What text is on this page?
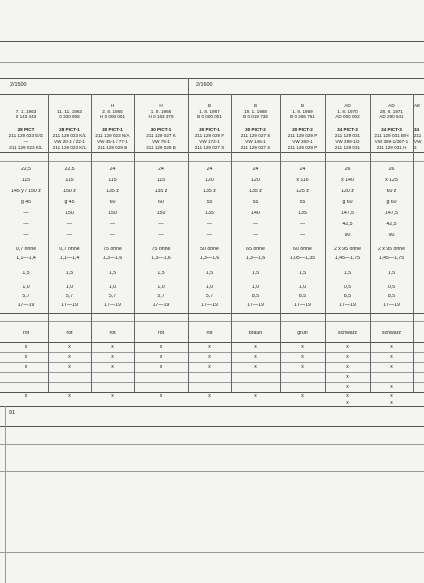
2/1500	2/1600
7. 1. 1963
0 143 443
28 PICT
211 129 023 E/G
—
211 129 023 K/L
22,5
115
145 y / 150 z
g 45
—
—
—
0,7 ohne
1,1—1,4
1,5
1,0
5,7
17—19
rot
x
x
x
x
11. 11. 1963
0 330 908
28 PICT-1
211 129 023 K/L
VW 20-1 / 22-1
211 129 023 K/L
22,5
115
150 z
g 45
150
—
—
0,7 ohne
1,1—1,4
1,5
1,0
5,7
17—19
rot
x
x
x
x
H
2. 8. 1965
H 0 000 001
30 PICT-1
211 129 023 N/A
VW 45-1 / 77-1
211 129 029 B
24
115
135 z
60
150
—
—
75 ohne
1,3—1,6
1,5
1,0
5,7
17—19
rot
x
x
x
x
H
1. 8. 1966
H 0 183 379
30 PICT-1
211 129 027 K
VW 78-1
211 129 029 B
24
115
135 z
60
150
—
—
75 ohne
1,3—1,6
1,5
1,0
5,7
17—19
rot
x
x
x
x
B
1. 8. 1967
B 0 000 001
30 PICT-1
211 129 029 F
VW 172-1
211 129 027 S
24
120
135 z
55
135
—
—
50 ohne
1,3—1,6
1,5
1,0
5,7
17—19
rot
x
x
x
x
B
19. 1. 1968
B 0 019 736
30 PICT-2
211 129 027 S
VW 146-1
211 129 027 S
24
120
135 z
55
140
—
—
65 ohne
1,3—1,6
1,5
1,0
8,5
17—19
braun
x
x
x
x
B
1. 8. 1969
B 0 286 761
30 PICT-2
211 129 029 P
VW 260-1
211 129 029 P
24
x 116
125 z
55
135
—
—
60 ohne
1,05—1,35
1,5
1,0
8,5
17—19
grün
x
x
x
x
AD
1. 8. 1970
AD 000 002
34 PICT-3
211 129 031
VW 299-1/2
211 129 031
26
x 140
120 z
g 60
147,5
42,5
90
2 x 95 ohne
1,45—1,75
1,5
0,5
8,5
17—19
schwarz
x
x
x
x
x
x
x
AD
28. 6. 1971
AD 290 641
34 PICT-3
211 129 031 B/H
VW 359-1/367-1
211 129 031 H
26
x 125
60 z
g 60
147,5
42,5
90
2 x 95 ohne
1,45—1,75
1,5
0,5
8,5
17—19
schwarz
x
x
x
x
x
x
AE
34
211
VW
2
91
